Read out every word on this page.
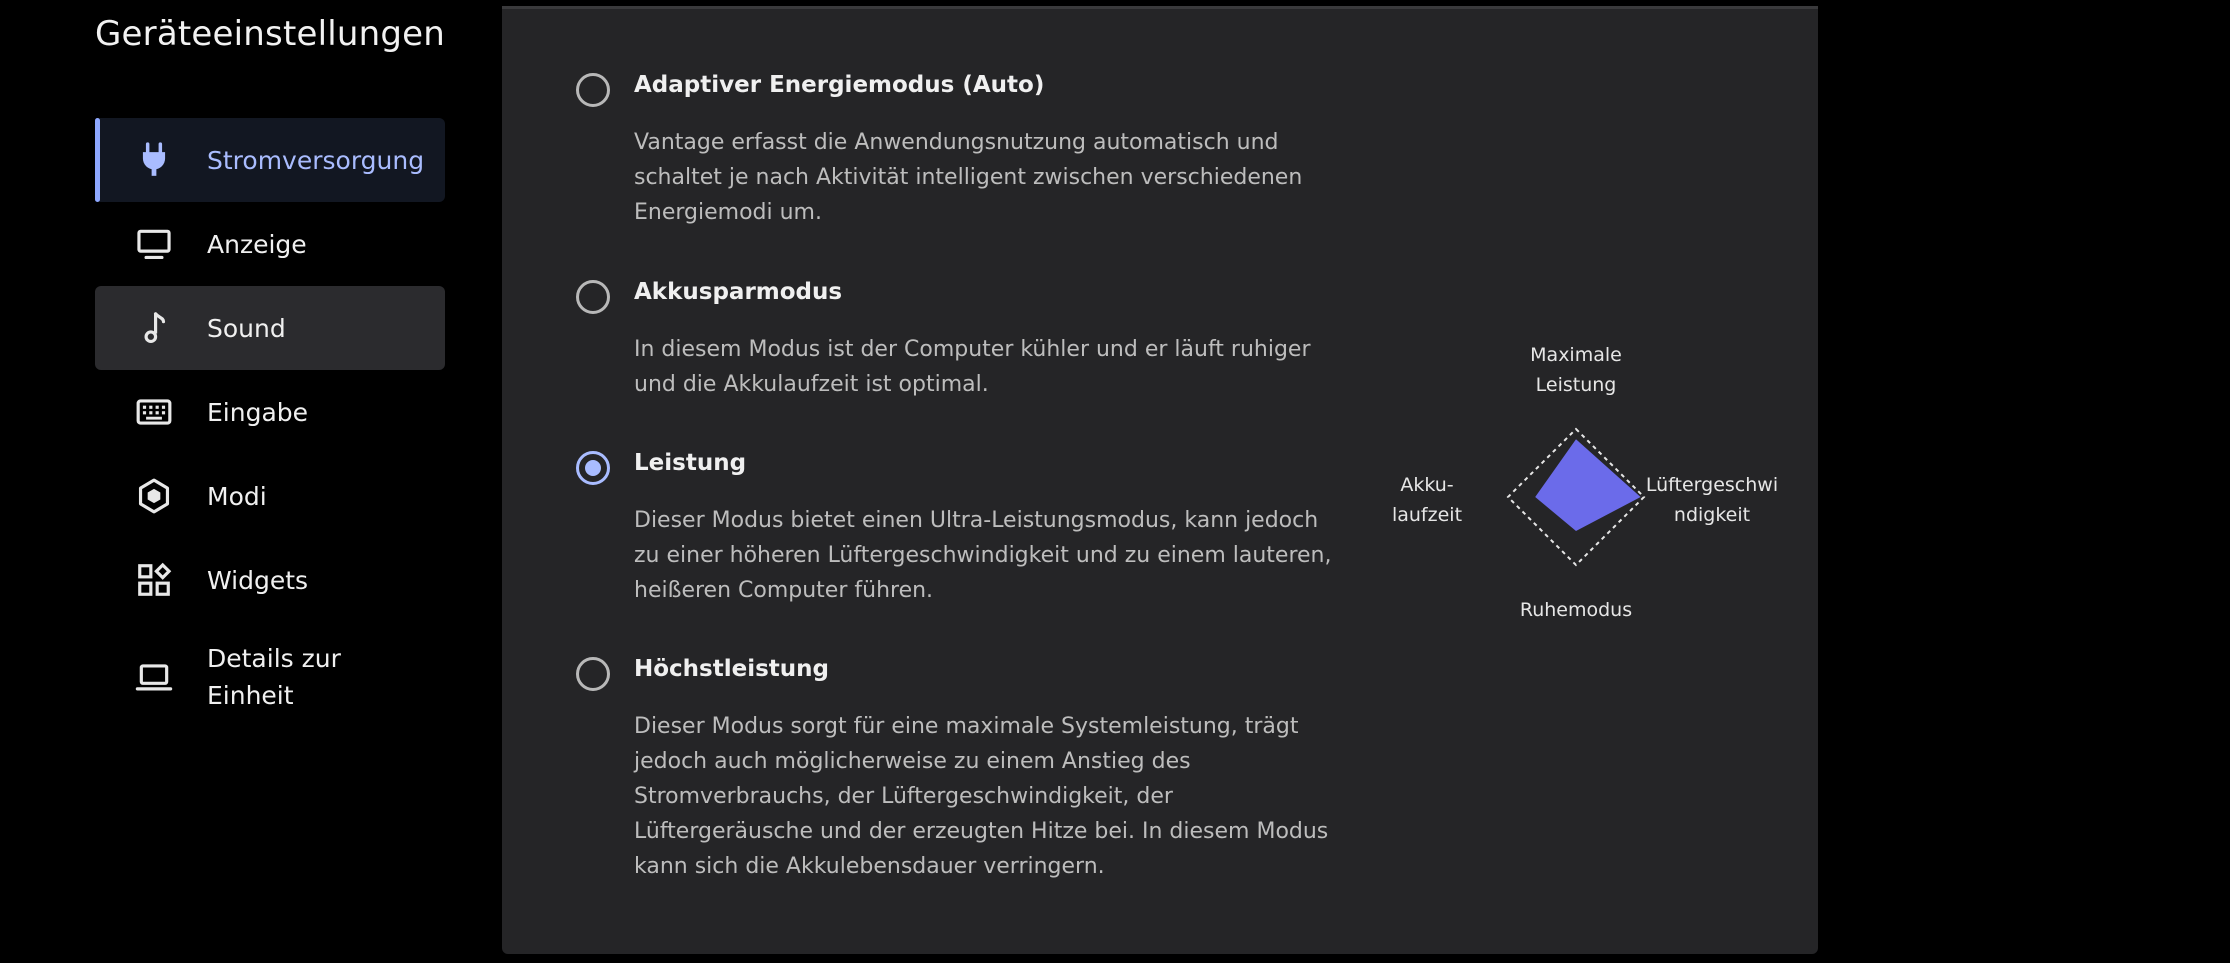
Geräteeinstellungen
Stromversorgung
Anzeige
Sound
Eingabe
Modi
Widgets
Details zur Einheit
Adaptiver Energiemodus (Auto)
Vantage erfasst die Anwendungsnutzung automatisch und schaltet je nach Aktivität intelligent zwischen verschiedenen Energiemodi um.
Akkusparmodus
In diesem Modus ist der Computer kühler und er läuft ruhiger und die Akkulaufzeit ist optimal.
Leistung
Dieser Modus bietet einen Ultra-Leistungsmodus, kann jedoch zu einer höheren Lüftergeschwindigkeit und zu einem lauteren, heißeren Computer führen.
Höchstleistung
Dieser Modus sorgt für eine maximale Systemleistung, trägt jedoch auch möglicherweise zu einem Anstieg des Stromverbrauchs, der Lüftergeschwindigkeit, der Lüftergeräusche und der erzeugten Hitze bei. In diesem Modus kann sich die Akkulebensdauer verringern.
Maximale
Leistung
Akku-
laufzeit
Lüftergeschwi
ndigkeit
Ruhemodus
